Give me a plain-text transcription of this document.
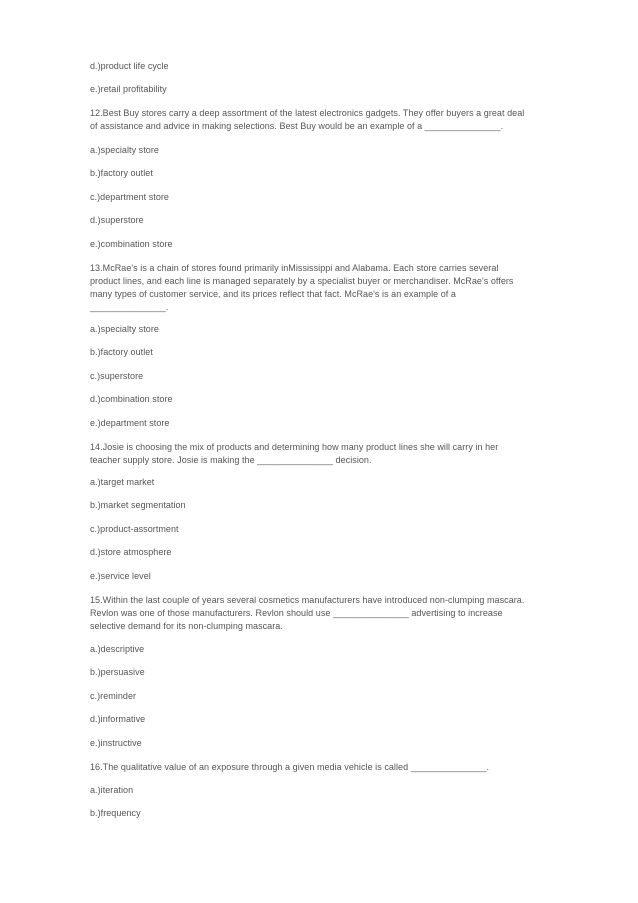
d.)product life cycle
e.)retail profitability
12.Best Buy stores carry a deep assortment of the latest electronics gadgets. They offer buyers a great deal
of assistance and advice in making selections. Best Buy would be an example of a _______________.
a.)specialty store
b.)factory outlet
c.)department store
d.)superstore
e.)combination store
13.McRae's is a chain of stores found primarily inMississippi and Alabama. Each store carries several
product lines, and each line is managed separately by a specialist buyer or merchandiser. McRae's offers
many types of customer service, and its prices reflect that fact. McRae's is an example of a
_______________.
a.)specialty store
b.)factory outlet
c.)superstore
d.)combination store
e.)department store
14.Josie is choosing the mix of products and determining how many product lines she will carry in her
teacher supply store. Josie is making the _______________ decision.
a.)target market
b.)market segmentation
c.)product-assortment
d.)store atmosphere
e.)service level
15.Within the last couple of years several cosmetics manufacturers have introduced non-clumping mascara.
Revlon was one of those manufacturers. Revlon should use _______________ advertising to increase
selective demand for its non-clumping mascara.
a.)descriptive
b.)persuasive
c.)reminder
d.)informative
e.)instructive
16.The qualitative value of an exposure through a given media vehicle is called _______________.
a.)iteration
b.)frequency
